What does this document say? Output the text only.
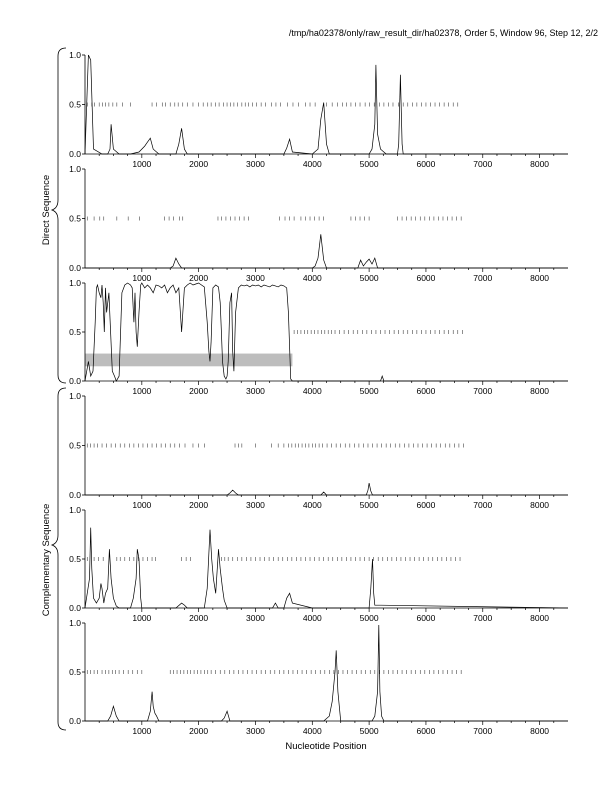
/tmp/ha02378/only/raw_result_dir/ha02378, Order 5, Window 96, Step 12, 2/2
0.0
0.5
1.0
1000	2000	3000	4000	5000	6000	7000	8000
0.0
0.5
1.0
1000	2000	3000	4000	5000	6000	7000	8000
0.0
0.5
1.0
1000	2000	3000	4000	5000	6000	7000	8000
0.0
0.5
1.0
1000	2000	3000	4000	5000	6000	7000	8000
0.0
0.5
1.0
1000	2000	3000	4000	5000	6000	7000	8000
0.0
0.5
1.0
1000	2000	3000	4000	5000	6000	7000	8000
Direct Sequence
Complementary Sequence
Nucleotide Position
